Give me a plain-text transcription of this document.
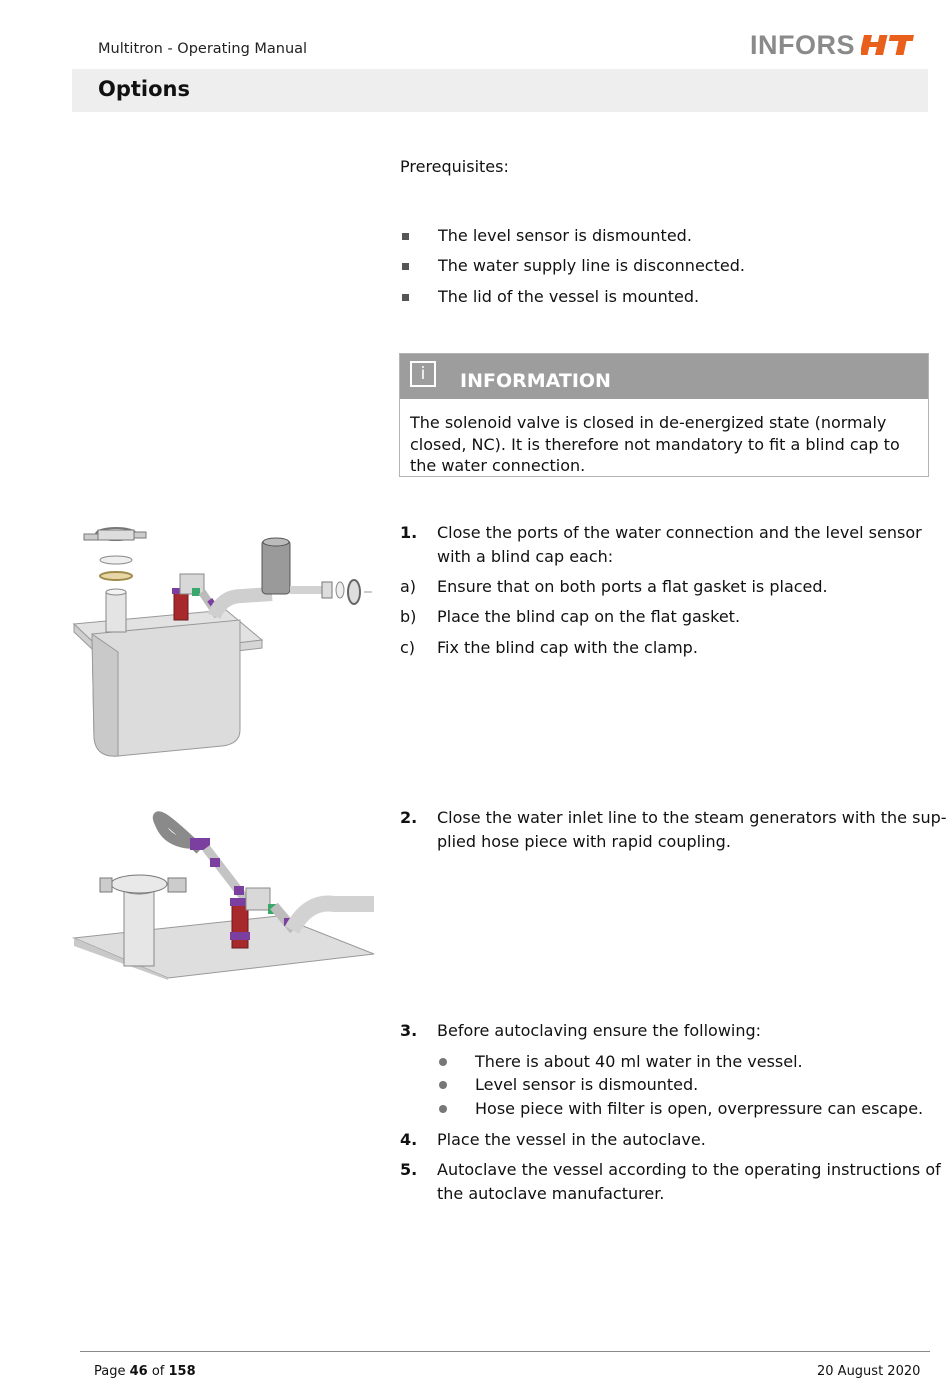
Multitron - Operating Manual	INFORS
Options
Prerequisites:
The level sensor is dismounted.
The water supply line is disconnected.
The lid of the vessel is mounted.
i	INFORMATION
The solenoid valve is closed in de-energized state (normaly closed, NC). It is therefore not mandatory to fit a blind cap to the water connection.
1. Close the ports of the water connection and the level sensor
with a blind cap each:
a) Ensure that on both ports a flat gasket is placed.
b) Place the blind cap on the flat gasket.
c) Fix the blind cap with the clamp.
2. Close the water inlet line to the steam generators with the sup-
plied hose piece with rapid coupling.
3. Before autoclaving ensure the following:
There is about 40 ml water in the vessel.
Level sensor is dismounted.
Hose piece with filter is open, overpressure can escape.
4. Place the vessel in the autoclave.
5. Autoclave the vessel according to the operating instructions of
the autoclave manufacturer.
Page 46 of 158	20 August 2020
